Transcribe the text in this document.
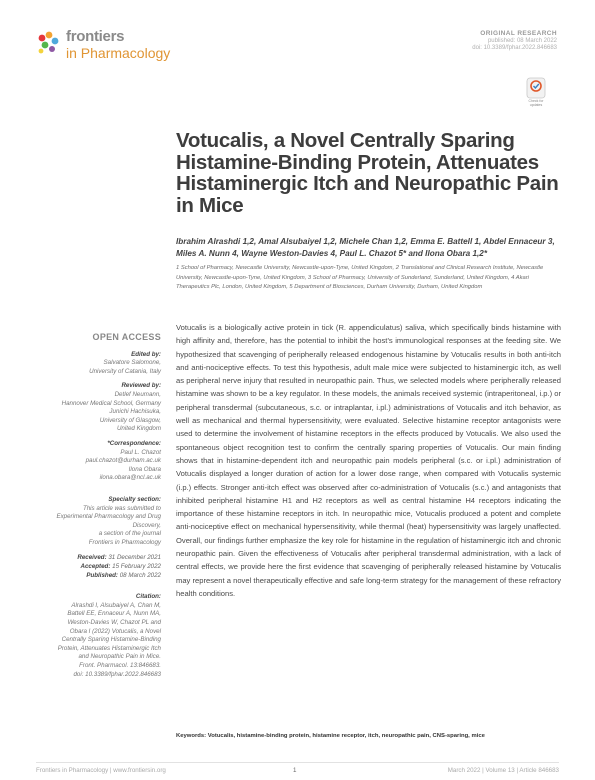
frontiers
in Pharmacology
ORIGINAL RESEARCH
published: 08 March 2022
doi: 10.3389/fphar.2022.846683
Check for
updates
Votucalis, a Novel Centrally Sparing Histamine-Binding Protein, Attenuates Histaminergic Itch and Neuropathic Pain in Mice
Ibrahim Alrashdi 1,2, Amal Alsubaiyel 1,2, Michele Chan 1,2, Emma E. Battell 1, Abdel Ennaceur 3, Miles A. Nunn 4, Wayne Weston-Davies 4, Paul L. Chazot 5* and Ilona Obara 1,2*
1 School of Pharmacy, Newcastle University, Newcastle-upon-Tyne, United Kingdom, 2 Translational and Clinical Research Institute, Newcastle University, Newcastle-upon-Tyne, United Kingdom, 3 School of Pharmacy, University of Sunderland, Sunderland, United Kingdom, 4 Akari Therapeutics Plc, London, United Kingdom, 5 Department of Biosciences, Durham University, Durham, United Kingdom
OPEN ACCESS
Edited by:
Salvatore Salomone,
University of Catania, Italy
Reviewed by:
Detlef Neumann,
Hannover Medical School, Germany
Junichi Hachisuka,
University of Glasgow,
United Kingdom
*Correspondence:
Paul L. Chazot
paul.chazot@durham.ac.uk
Ilona Obara
ilona.obara@ncl.ac.uk
Specialty section:
This article was submitted to
Experimental Pharmacology and Drug
Discovery,
a section of the journal
Frontiers in Pharmacology
Received: 31 December 2021
Accepted: 15 February 2022
Published: 08 March 2022
Citation:
Alrashdi I, Alsubaiyel A, Chan M,
Battell EE, Ennaceur A, Nunn MA,
Weston-Davies W, Chazot PL and
Obara I (2022) Votucalis, a Novel
Centrally Sparing Histamine-Binding
Protein, Attenuates Histaminergic Itch
and Neuropathic Pain in Mice.
Front. Pharmacol. 13:846683.
doi: 10.3389/fphar.2022.846683

Votucalis is a biologically active protein in tick (R. appendiculatus) saliva, which specifically binds histamine with high affinity and, therefore, has the potential to inhibit the host’s immunological responses at the feeding site. We hypothesized that scavenging of peripherally released endogenous histamine by Votucalis results in both anti-itch and anti-nociceptive effects. To test this hypothesis, adult male mice were subjected to histaminergic itch, as well as peripheral nerve injury that resulted in neuropathic pain. Thus, we selected models where peripherally released histamine was shown to be a key regulator. In these models, the animals received systemic (intraperitoneal, i.p.) or peripheral transdermal (subcutaneous, s.c. or intraplantar, i.pl.) administrations of Votucalis and itch behavior, as well as mechanical and thermal hypersensitivity, were evaluated. Selective histamine receptor antagonists were used to determine the involvement of histamine receptors in the effects produced by Votucalis. We also used the spontaneous object recognition test to confirm the centrally sparing properties of Votucalis. Our main finding shows that in histamine-dependent itch and neuropathic pain models peripheral (s.c. or i.pl.) administration of Votucalis displayed a longer duration of action for a lower dose range, when compared with Votucalis systemic (i.p.) effects. Stronger anti-itch effect was observed after co-administration of Votucalis (s.c.) and antagonists that inhibited peripheral histamine H1 and H2 receptors as well as central histamine H4 receptors indicating the importance of these histamine receptors in itch. In neuropathic mice, Votucalis produced a potent and complete anti-nociceptive effect on mechanical hypersensitivity, while thermal (heat) hypersensitivity was largely unaffected. Overall, our findings further emphasize the key role for histamine in the regulation of histaminergic itch and chronic neuropathic pain. Given the effectiveness of Votucalis after peripheral transdermal administration, with a lack of central effects, we provide here the first evidence that scavenging of peripherally released histamine by Votucalis may represent a novel therapeutically effective and safe long-term strategy for the management of these refractory health conditions.

Keywords: Votucalis, histamine-binding protein, histamine receptor, itch, neuropathic pain, CNS-sparing, mice
Frontiers in Pharmacology | www.frontiersin.org	1	March 2022 | Volume 13 | Article 846683
